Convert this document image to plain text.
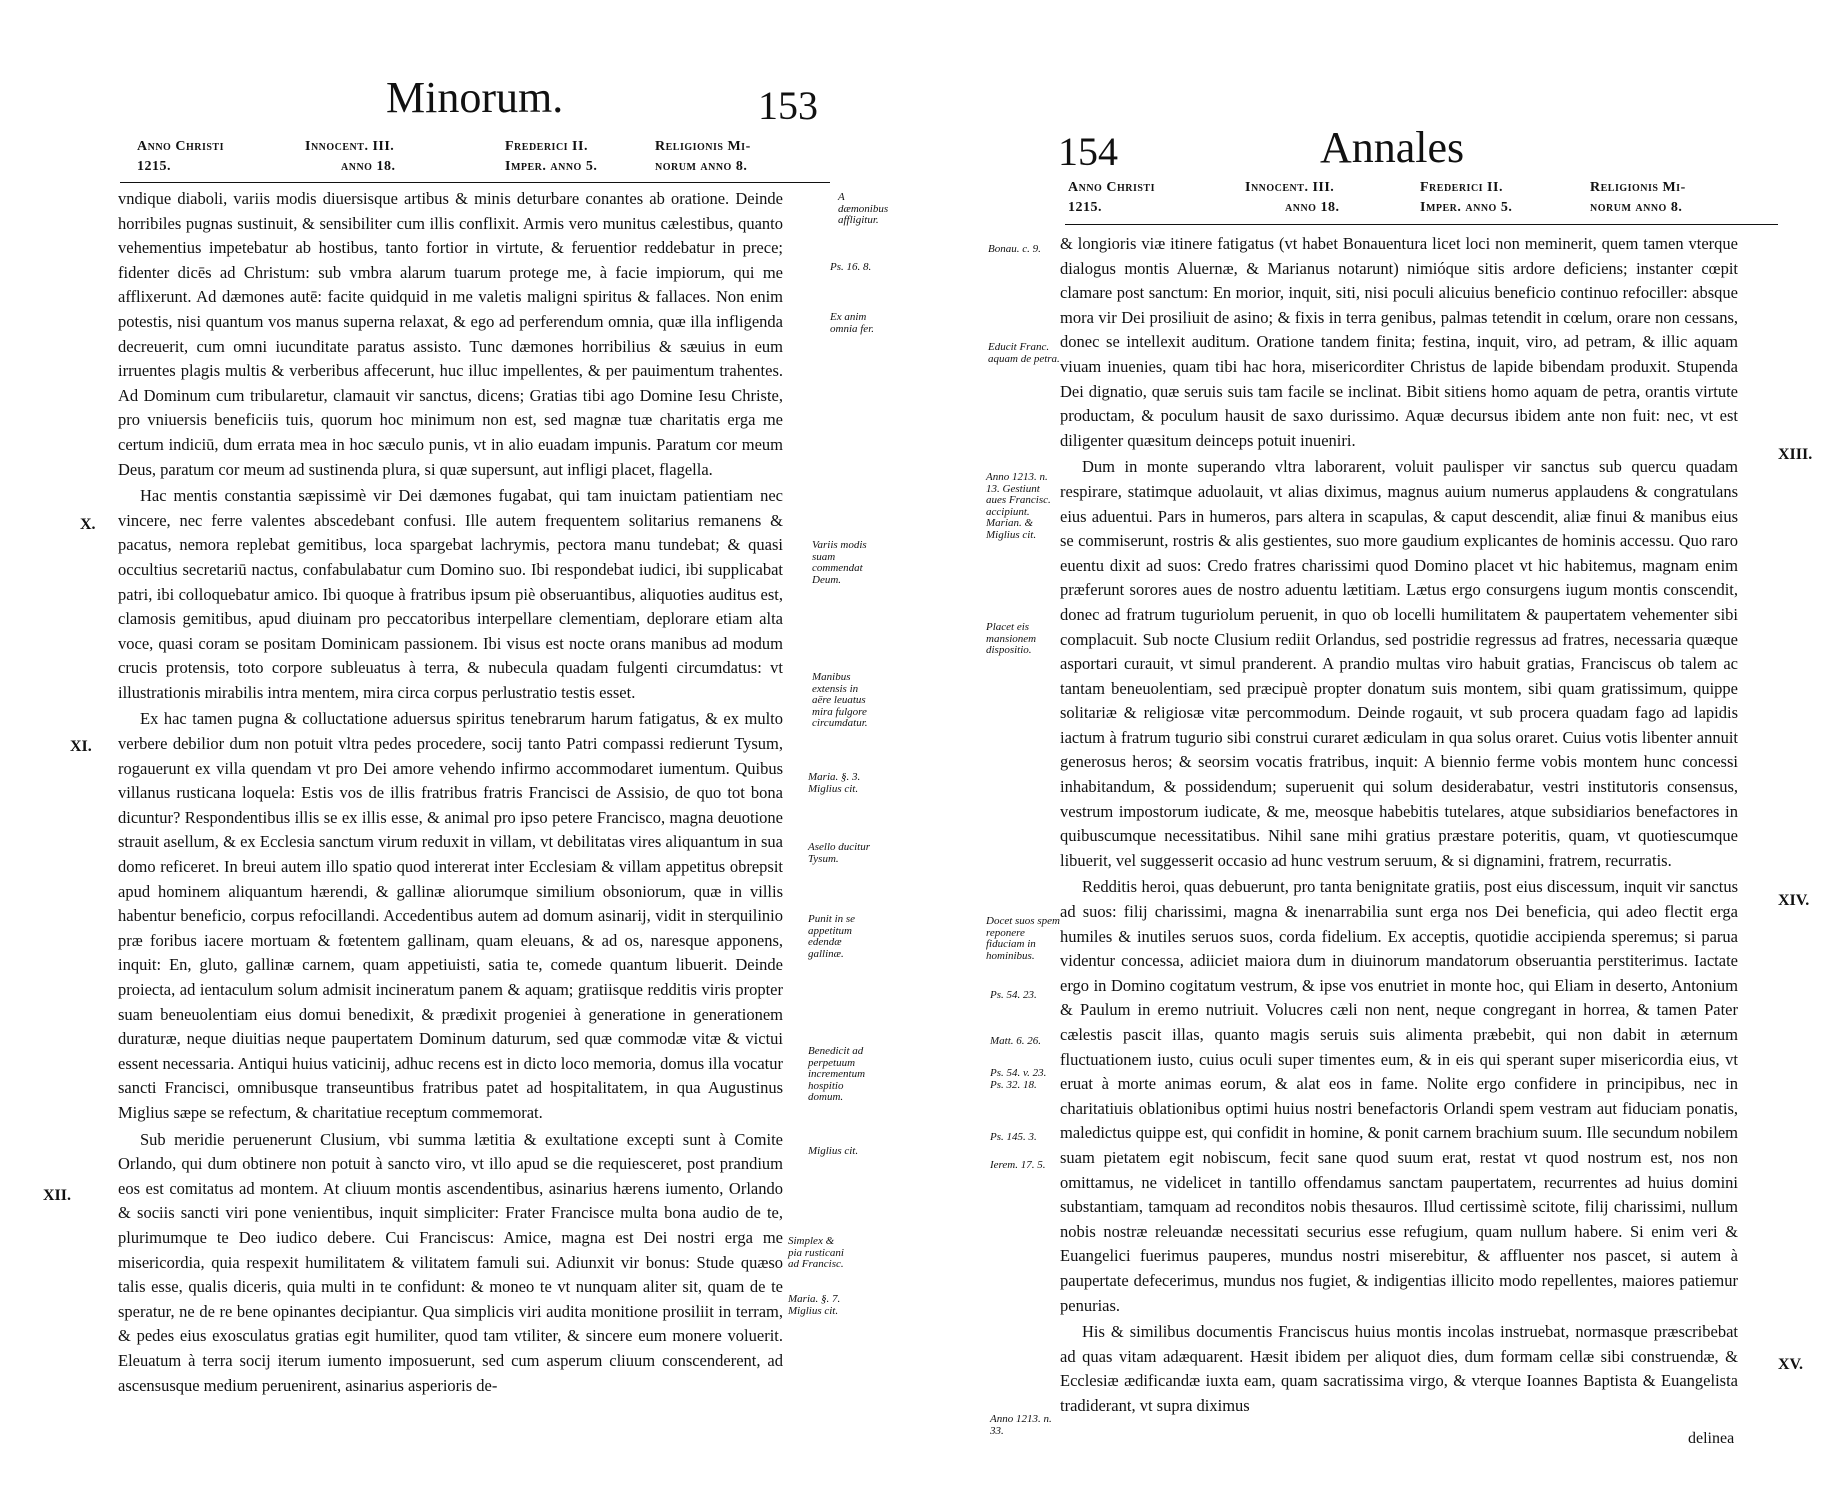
Minorum.	153
Anno Christi
1215.
Innocent. III.
anno 18.
Frederici II.
Imper. anno 5.
Religionis Mi-
norum anno 8.

vndique diaboli, variis modis diuersisque artibus & minis deturbare conantes ab oratione. Deinde horribiles pugnas sustinuit, & sensibiliter cum illis conflixit. Armis vero munitus cælestibus, quanto vehementius impetebatur ab hostibus, tanto fortior in virtute, & feruentior reddebatur in prece; fidenter dicēs ad Christum: sub vmbra alarum tuarum protege me, à facie impiorum, qui me afflixerunt. Ad dæmones autē: facite quidquid in me valetis maligni spiritus & fallaces. Non enim potestis, nisi quantum vos manus superna relaxat, & ego ad perferendum omnia, quæ illa infligenda decreuerit, cum omni iucunditate paratus assisto. Tunc dæmones horribilius & sæuius in eum irruentes plagis multis & verberibus affecerunt, huc illuc impellentes, & per pauimentum trahentes. Ad Dominum cum tribularetur, clamauit vir sanctus, dicens; Gratias tibi ago Domine Iesu Christe, pro vniuersis beneficiis tuis, quorum hoc minimum non est, sed magnæ tuæ charitatis erga me certum indiciū, dum errata mea in hoc sæculo punis, vt in alio euadam impunis. Paratum cor meum Deus, paratum cor meum ad sustinenda plura, si quæ supersunt, aut infligi placet, flagella.

Hac mentis constantia sæpissimè vir Dei dæmones fugabat, qui tam inuictam patientiam nec vincere, nec ferre valentes abscedebant confusi. Ille autem frequentem solitarius remanens & pacatus, nemora replebat gemitibus, loca spargebat lachrymis, pectora manu tundebat; & quasi occultius secretariū nactus, confabulabatur cum Domino suo. Ibi respondebat iudici, ibi supplicabat patri, ibi colloquebatur amico. Ibi quoque à fratribus ipsum piè obseruantibus, aliquoties auditus est, clamosis gemitibus, apud diuinam pro peccatoribus interpellare clementiam, deplorare etiam alta voce, quasi coram se positam Dominicam passionem. Ibi visus est nocte orans manibus ad modum crucis protensis, toto corpore subleuatus à terra, & nubecula quadam fulgenti circumdatus: vt illustrationis mirabilis intra mentem, mira circa corpus perlustratio testis esset.

Ex hac tamen pugna & colluctatione aduersus spiritus tenebrarum harum fatigatus, & ex multo verbere debilior dum non potuit vltra pedes procedere, socij tanto Patri compassi redierunt Tysum, rogauerunt ex villa quendam vt pro Dei amore vehendo infirmo accommodaret iumentum. Quibus villanus rusticana loquela: Estis vos de illis fratribus fratris Francisci de Assisio, de quo tot bona dicuntur? Respondentibus illis se ex illis esse, & animal pro ipso petere Francisco, magna deuotione strauit asellum, & ex Ecclesia sanctum virum reduxit in villam, vt debilitatas vires aliquantum in sua domo reficeret. In breui autem illo spatio quod intererat inter Ecclesiam & villam appetitus obrepsit apud hominem aliquantum hærendi, & gallinæ aliorumque similium obsoniorum, quæ in villis habentur beneficio, corpus refocillandi. Accedentibus autem ad domum asinarij, vidit in sterquilinio præ foribus iacere mortuam & fœtentem gallinam, quam eleuans, & ad os, naresque apponens, inquit: En, gluto, gallinæ carnem, quam appetiuisti, satia te, comede quantum libuerit. Deinde proiecta, ad ientaculum solum admisit incineratum panem & aquam; gratiisque redditis viris propter suam beneuolentiam eius domui benedixit, & prædixit progeniei à generatione in generationem duraturæ, neque diuitias neque paupertatem Dominum daturum, sed quæ commodæ vitæ & victui essent necessaria. Antiqui huius vaticinij, adhuc recens est in dicto loco memoria, domus illa vocatur sancti Francisci, omnibusque transeuntibus fratribus patet ad hospitalitatem, in qua Augustinus Miglius sæpe se refectum, & charitatiue receptum commemorat.

Sub meridie peruenerunt Clusium, vbi summa lætitia & exultatione excepti sunt à Comite Orlando, qui dum obtinere non potuit à sancto viro, vt illo apud se die requiesceret, post prandium eos est comitatus ad montem. At cliuum montis ascendentibus, asinarius hærens iumento, Orlando & sociis sancti viri pone venientibus, inquit simpliciter: Frater Francisce multa bona audio de te, plurimumque te Deo iudico debere. Cui Franciscus: Amice, magna est Dei nostri erga me misericordia, quia respexit humilitatem & vilitatem famuli sui. Adiunxit vir bonus: Stude quæso talis esse, qualis diceris, quia multi in te confidunt: & moneo te vt nunquam aliter sit, quam de te speratur, ne de re bene opinantes decipiantur. Qua simplicis viri audita monitione prosiliit in terram, & pedes eius exosculatus gratias egit humiliter, quod tam vtiliter, & sincere eum monere voluerit. Eleuatum à terra socij iterum iumento imposuerunt, sed cum asperum cliuum conscenderent, ad ascensusque medium peruenirent, asinarius asperioris de-

X.
XI.
XII.
A dæmonibus affligitur.
Ps. 16. 8.
Ex anim omnia fer.
Variis modis suam commendat Deum.
Manibus extensis in aëre leuatus mira fulgore circumdatur.
Maria. §. 3. Miglius cit.
Asello ducitur Tysum.
Punit in se appetitum edendæ gallinæ.
Benedicit ad perpetuum incrementum hospitio domum.
Miglius cit.
Simplex & pia rusticani ad Francisc.
Maria. §. 7. Miglius cit.
154	Annales
Anno Christi
1215.
Innocent. III.
anno 18.
Frederici II.
Imper. anno 5.
Religionis Mi-
norum anno 8.

& longioris viæ itinere fatigatus (vt habet Bonauentura licet loci non meminerit, quem tamen vterque dialogus montis Aluernæ, & Marianus notarunt) nimióque sitis ardore deficiens; instanter cœpit clamare post sanctum: En morior, inquit, siti, nisi poculi alicuius beneficio continuo refociller: absque mora vir Dei prosiliuit de asino; & fixis in terra genibus, palmas tetendit in cœlum, orare non cessans, donec se intellexit auditum. Oratione tandem finita; festina, inquit, viro, ad petram, & illic aquam viuam inuenies, quam tibi hac hora, misericorditer Christus de lapide bibendam produxit. Stupenda Dei dignatio, quæ seruis suis tam facile se inclinat. Bibit sitiens homo aquam de petra, orantis virtute productam, & poculum hausit de saxo durissimo. Aquæ decursus ibidem ante non fuit: nec, vt est diligenter quæsitum deinceps potuit inueniri.

Dum in monte superando vltra laborarent, voluit paulisper vir sanctus sub quercu quadam respirare, statimque aduolauit, vt alias diximus, magnus auium numerus applaudens & congratulans eius aduentui. Pars in humeros, pars altera in scapulas, & caput descendit, aliæ finui & manibus eius se commiserunt, rostris & alis gestientes, suo more gaudium explicantes de hominis accessu. Quo raro euentu dixit ad suos: Credo fratres charissimi quod Domino placet vt hic habitemus, magnam enim præferunt sorores aues de nostro aduentu lætitiam. Lætus ergo consurgens iugum montis conscendit, donec ad fratrum tuguriolum peruenit, in quo ob locelli humilitatem & paupertatem vehementer sibi complacuit. Sub nocte Clusium rediit Orlandus, sed postridie regressus ad fratres, necessaria quæque asportari curauit, vt simul pranderent. A prandio multas viro habuit gratias, Franciscus ob talem ac tantam beneuolentiam, sed præcipuè propter donatum suis montem, sibi quam gratissimum, quippe solitariæ & religiosæ vitæ percommodum. Deinde rogauit, vt sub procera quadam fago ad lapidis iactum à fratrum tugurio sibi construi curaret ædiculam in qua solus oraret. Cuius votis libenter annuit generosus heros; & seorsim vocatis fratribus, inquit: A biennio ferme vobis montem hunc concessi inhabitandum, & possidendum; superuenit qui solum desiderabatur, vestri institutoris consensus, vestrum impostorum iudicate, & me, meosque habebitis tutelares, atque subsidiarios benefactores in quibuscumque necessitatibus. Nihil sane mihi gratius præstare poteritis, quam, vt quotiescumque libuerit, vel suggesserit occasio ad hunc vestrum seruum, & si dignamini, fratrem, recurratis.

Redditis heroi, quas debuerunt, pro tanta benignitate gratiis, post eius discessum, inquit vir sanctus ad suos: filij charissimi, magna & inenarrabilia sunt erga nos Dei beneficia, qui adeo flectit erga humiles & inutiles seruos suos, corda fidelium. Ex acceptis, quotidie accipienda speremus; si parua videntur concessa, adiiciet maiora dum in diuinorum mandatorum obseruantia perstiterimus. Iactate ergo in Domino cogitatum vestrum, & ipse vos enutriet in monte hoc, qui Eliam in deserto, Antonium & Paulum in eremo nutriuit. Volucres cæli non nent, neque congregant in horrea, & tamen Pater cælestis pascit illas, quanto magis seruis suis alimenta præbebit, qui non dabit in æternum fluctuationem iusto, cuius oculi super timentes eum, & in eis qui sperant super misericordia eius, vt eruat à morte animas eorum, & alat eos in fame. Nolite ergo confidere in principibus, nec in charitatiuis oblationibus optimi huius nostri benefactoris Orlandi spem vestram aut fiduciam ponatis, maledictus quippe est, qui confidit in homine, & ponit carnem brachium suum. Ille secundum nobilem suam pietatem egit nobiscum, fecit sane quod suum erat, restat vt quod nostrum est, nos non omittamus, ne videlicet in tantillo offendamus sanctam paupertatem, recurrentes ad huius domini substantiam, tamquam ad reconditos nobis thesauros. Illud certissimè scitote, filij charissimi, nullum nobis nostræ releuandæ necessitati securius esse refugium, quam nullum habere. Si enim veri & Euangelici fuerimus pauperes, mundus nostri miserebitur, & affluenter nos pascet, si autem à paupertate defecerimus, mundus nos fugiet, & indigentias illicito modo repellentes, maiores patiemur penurias.

His & similibus documentis Franciscus huius montis incolas instruebat, normasque præscribebat ad quas vitam adæquarent. Hæsit ibidem per aliquot dies, dum formam cellæ sibi construendæ, & Ecclesiæ ædificandæ iuxta eam, quam sacratissima virgo, & vterque Ioannes Baptista & Euangelista tradiderant, vt supra diximus

delinea
XIII.
XIV.
XV.
Bonau. c. 9.
Educit Franc. aquam de petra.
Anno 1213. n. 13. Gestiunt aues Francisc. accipiunt. Marian. & Miglius cit.
Placet eis mansionem dispositio.
Docet suos spem reponere fiduciam in hominibus.
Ps. 54. 23.
Matt. 6. 26.
Ps. 54. v. 23. Ps. 32. 18.
Ps. 145. 3.
Ierem. 17. 5.
Anno 1213. n. 33.
